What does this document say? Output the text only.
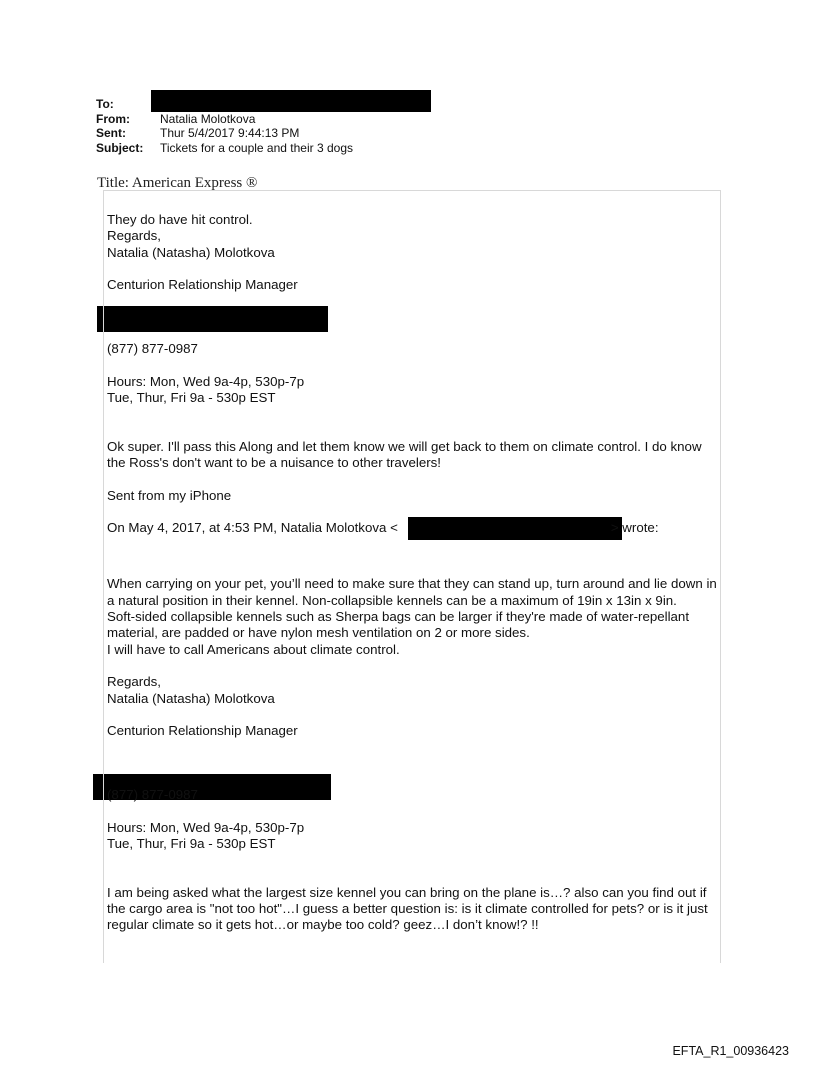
To:
From:	Natalia Molotkova
Sent:	Thur 5/4/2017 9:44:13 PM
Subject:	Tickets for a couple and their 3 dogs
Title: American Express ®

They do have hit control.

Regards,

Natalia (Natasha) Molotkova

Centurion Relationship Manager

(877) 877-0987

Hours: Mon, Wed 9a-4p, 530p-7p

Tue, Thur, Fri 9a - 530p EST

Ok super. I'll pass this Along and let them know we will get back to them on climate control. I do know the Ross's don't want to be a nuisance to other travelers!

Sent from my iPhone

On May 4, 2017, at 4:53 PM, Natalia Molotkova <	> wrote:

When carrying on your pet, you’ll need to make sure that they can stand up, turn around and lie down in a natural position in their kennel. Non-collapsible kennels can be a maximum of 19in x 13in x 9in.

Soft-sided collapsible kennels such as Sherpa bags can be larger if they're made of water-repellant material, are padded or have nylon mesh ventilation on 2 or more sides.

I will have to call Americans about climate control.

Regards,

Natalia (Natasha) Molotkova

Centurion Relationship Manager

(877) 877-0987

Hours: Mon, Wed 9a-4p, 530p-7p

Tue, Thur, Fri 9a - 530p EST

I am being asked what the largest size kennel you can bring on the plane is…? also can you find out if the cargo area is "not too hot"…I guess a better question is: is it climate controlled for pets? or is it just regular climate so it gets hot…or maybe too cold? geez…I don’t know!? !!

EFTA_R1_00936423
